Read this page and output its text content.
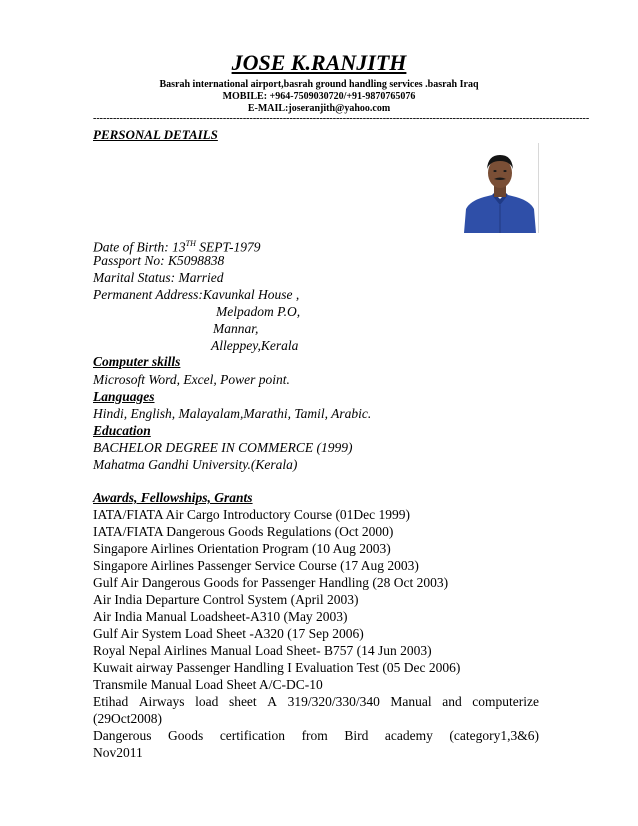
JOSE K.RANJITH
Basrah international airport,basrah ground handling services .basrah Iraq
MOBILE: +964-7509030720/+91-9870765076
E-MAIL:joseranjith@yahoo.com
-----------------------------------------------------------------------------------------------------------------------------------------------------
PERSONAL DETAILS
Date of Birth: 13TH SEPT-1979
Passport No: K5098838
Marital Status: Married
Permanent Address:Kavunkal House ,
Melpadom P.O,
Mannar,
Alleppey,Kerala
Computer skills
Microsoft Word, Excel, Power point.
Languages
Hindi, English, Malayalam,Marathi, Tamil, Arabic.
Education
BACHELOR DEGREE IN COMMERCE (1999)
Mahatma Gandhi University.(Kerala)
Awards, Fellowships, Grants
IATA/FIATA Air Cargo Introductory Course (01Dec 1999)
IATA/FIATA Dangerous Goods Regulations (Oct 2000)
Singapore Airlines Orientation Program (10 Aug 2003)
Singapore Airlines Passenger Service Course (17 Aug 2003)
Gulf Air Dangerous Goods for Passenger Handling (28 Oct 2003)
Air India Departure Control System (April 2003)
Air India Manual Loadsheet-A310 (May 2003)
Gulf Air System Load Sheet -A320 (17 Sep 2006)
Royal Nepal Airlines Manual Load Sheet- B757 (14 Jun 2003)
Kuwait airway Passenger Handling I Evaluation Test (05 Dec 2006)
Transmile Manual Load Sheet A/C-DC-10
Etihad Airways load sheet A 319/320/330/340 Manual and computerize
(29Oct2008)
Dangerous Goods certification from Bird academy (category1,3&6)
Nov2011
